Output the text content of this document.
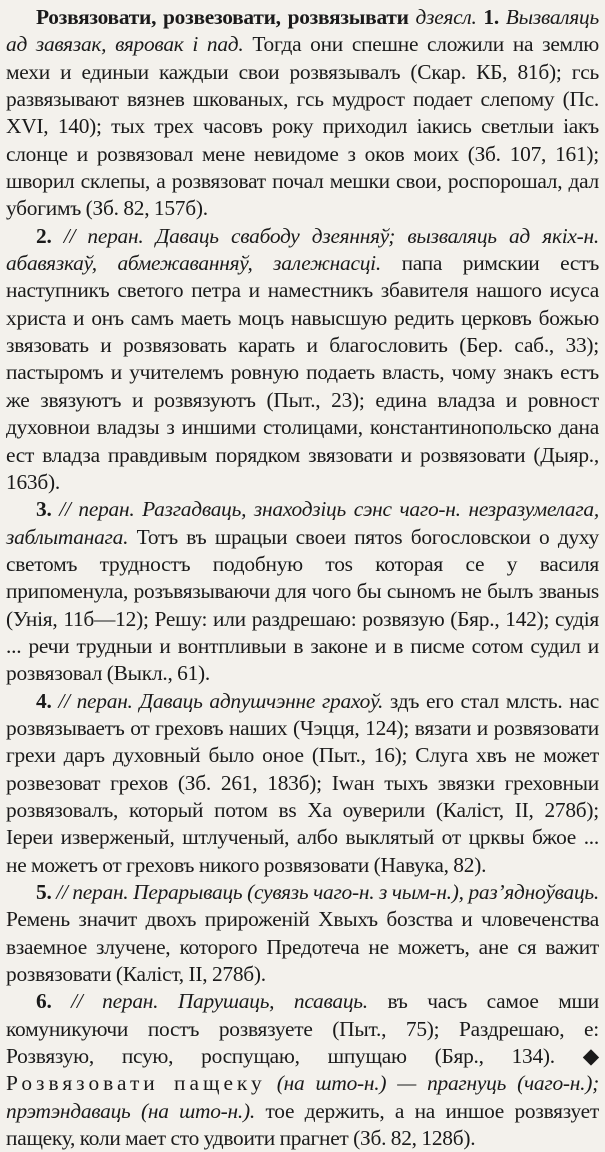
Розвязовати, розвезовати, розвязывати дзеясл. 1. Вызваляць ад завязак, вяровак і пад. Тогда они спешне сложили на землю мехи и единыи каждыи свои розвязывалъ (Скар. КБ, 81б); гсь развязывают вязнев шкованых, гсь мудрост подает слепому (Пс. XVI, 140); тых трех часовъ року приходил iакись светлыи iакъ слонце и розвязовал мене невидоме з оков моих (Зб. 107, 161); шворил склепы, а розвязоват почал мешки свои, роспорошал, дал убогимъ (Зб. 82, 157б).

2. // перан. Даваць свабоду дзеянняў; вызваляць ад якіх-н. абавязкаў, абмежаванняў, залежнасці. папа римскии естъ наступникъ светого петра и наместникъ збавителя нашого исуса христа и онъ самъ маеть моцъ навысшую редить церковъ божью звязовать и розвязовать карать и благословить (Бер. саб., 33); пастыромъ и учителемъ ровную подаеть власть, чому знакъ естъ же звязуютъ и розвязуютъ (Пыт., 23); едина владза и ровност духовнои владзы з иншими столицами, константинопольско дана ест владза правдивым порядком звязовати и розвязовати (Дыяр., 163б).

3. // перан. Разгадваць, знаходзіць сэнс чаго-н. незразумелага, заблытанага. Тотъ въ шрацыи своеи пятоs богословскои о духу светомъ трудностъ подобную тоs которая се у василя припоменула, розъвязываючи для чого бы сыномъ не былъ званыs (Унія, 11б—12); Решу: или раздрешаю: розвязую (Бяр., 142); судія ... речи трудныи и вонтпливыи в законе и в писме сотом судил и розвязовал (Выкл., 61).

4. // перан. Даваць адпушчэнне грахоў. здъ его стал млсть. нас розвязываетъ от греховъ наших (Чэцця, 124); вязати и розвязовати грехи даръ духовный было оное (Пыт., 16); Слуга хвъ не может розвезоват грехов (Зб. 261, 183б); Iwан тыхъ звязки греховныи розвязовалъ, который потом вs Ха оуверили (Каліст, II, 278б); Iереи изверженый, штлученый, албо выклятый от црквы бжое ... не можетъ от греховъ никого розвязовати (Навука, 82).

5. // перан. Перарываць (сувязь чаго-н. з чым-н.), раз’ядноўваць. Ремень значит двохъ прироженій Хвыхъ бозства и чловеченства взаемное злучене, которого Предотеча не можетъ, ане ся важит розвязовати (Каліст, II, 278б).

6. // перан. Парушаць, псаваць. въ часъ самое мши комуникуючи постъ розвязуете (Пыт., 75); Раздрешаю, е: Розвязую, псую, роспущаю, шпущаю (Бяр., 134). ◆ Розвязовати пащеку (на што-н.) — прагнуць (чаго-н.); прэтэндаваць (на што-н.). тое держить, а на иншое розвязует пащеку, коли мает сто удвоити прагнет (Зб. 82, 128б).
